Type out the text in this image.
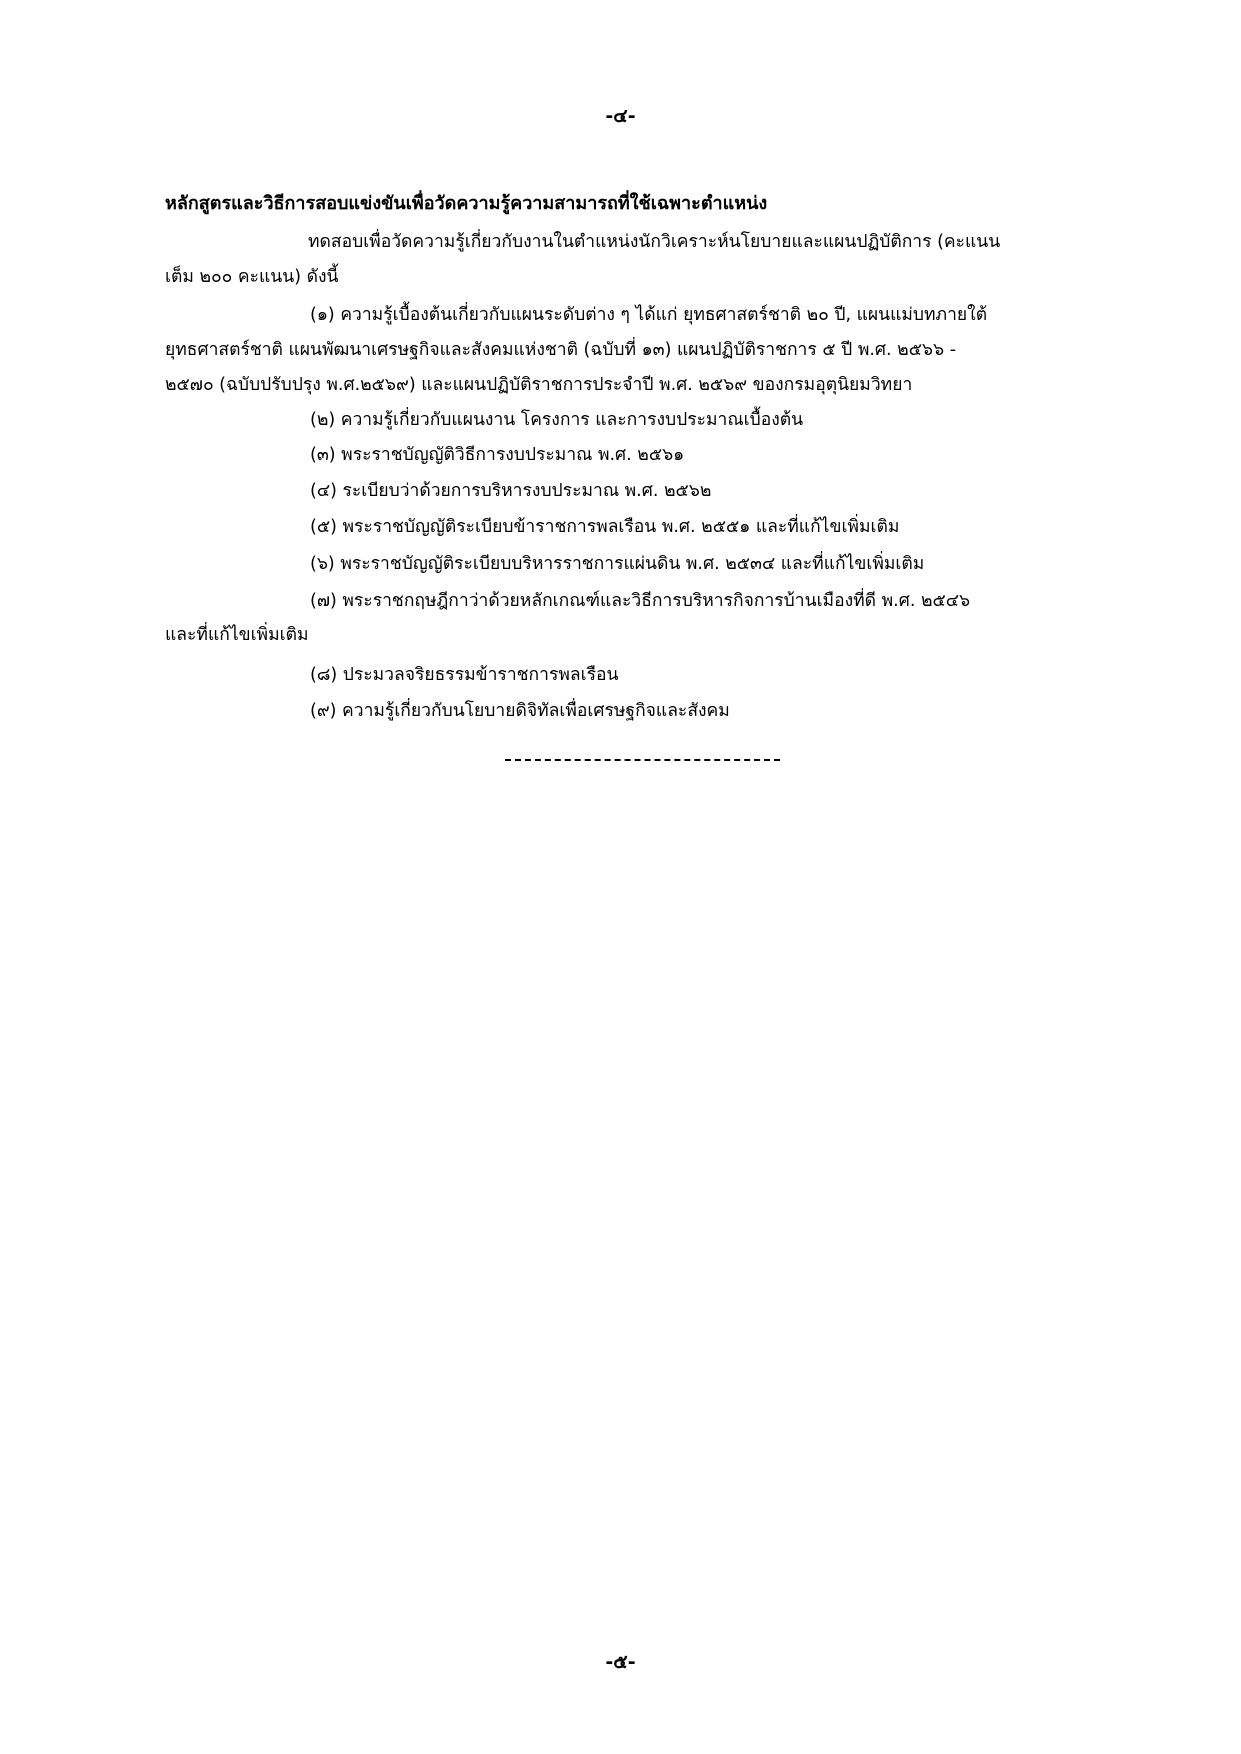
-๔-
หลักสูตรและวิธีการสอบแข่งขันเพื่อวัดความรู้ความสามารถที่ใช้เฉพาะตำแหน่ง
ทดสอบเพื่อวัดความรู้เกี่ยวกับงานในตำแหน่งนักวิเคราะห์นโยบายและแผนปฏิบัติการ (คะแนน
เต็ม ๒๐๐ คะแนน) ดังนี้
(๑) ความรู้เบื้องต้นเกี่ยวกับแผนระดับต่าง ๆ ได้แก่ ยุทธศาสตร์ชาติ ๒๐ ปี, แผนแม่บทภายใต้
ยุทธศาสตร์ชาติ แผนพัฒนาเศรษฐกิจและสังคมแห่งชาติ (ฉบับที่ ๑๓) แผนปฏิบัติราชการ ๕ ปี พ.ศ. ๒๕๖๖ -
๒๕๗๐ (ฉบับปรับปรุง พ.ศ.๒๕๖๙) และแผนปฏิบัติราชการประจำปี พ.ศ. ๒๕๖๙ ของกรมอุตุนิยมวิทยา
(๒) ความรู้เกี่ยวกับแผนงาน โครงการ และการงบประมาณเบื้องต้น
(๓) พระราชบัญญัติวิธีการงบประมาณ พ.ศ. ๒๕๖๑
(๔) ระเบียบว่าด้วยการบริหารงบประมาณ พ.ศ. ๒๕๖๒
(๕) พระราชบัญญัติระเบียบข้าราชการพลเรือน พ.ศ. ๒๕๕๑ และที่แก้ไขเพิ่มเติม
(๖) พระราชบัญญัติระเบียบบริหารราชการแผ่นดิน พ.ศ. ๒๕๓๔ และที่แก้ไขเพิ่มเติม
(๗) พระราชกฤษฎีกาว่าด้วยหลักเกณฑ์และวิธีการบริหารกิจการบ้านเมืองที่ดี พ.ศ. ๒๕๔๖
และที่แก้ไขเพิ่มเติม
(๘) ประมวลจริยธรรมข้าราชการพลเรือน
(๙) ความรู้เกี่ยวกับนโยบายดิจิทัลเพื่อเศรษฐกิจและสังคม
-๕-
